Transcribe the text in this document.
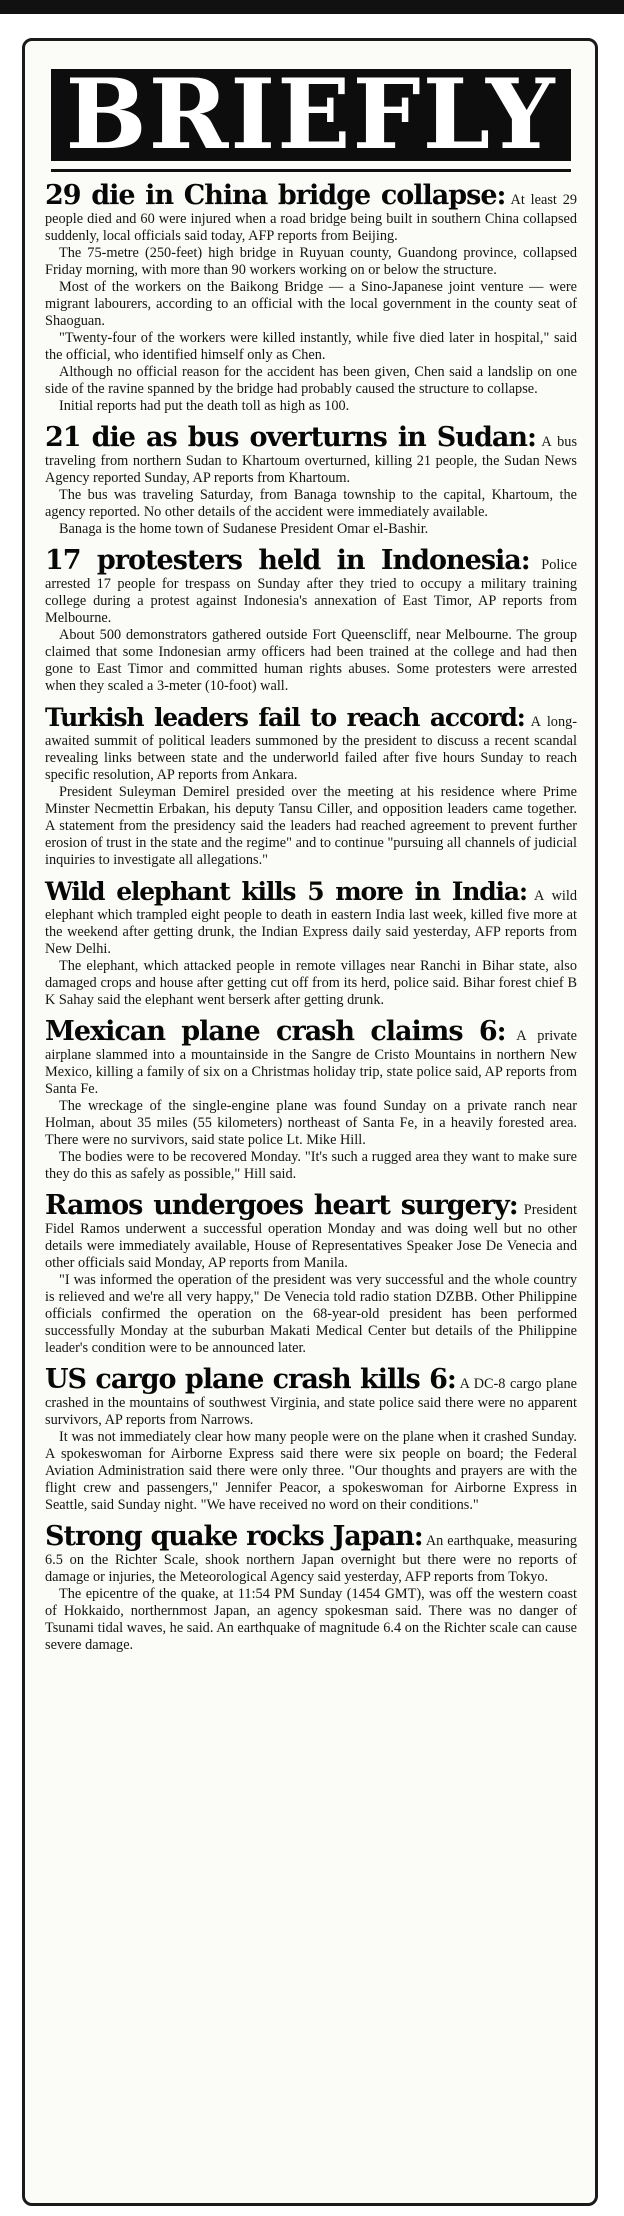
BRIEFLY

29 die in China bridge collapse: At least 29 people died and 60 were injured when a road bridge being built in southern China collapsed suddenly, local officials said today, AFP reports from Beijing.

The 75-metre (250-feet) high bridge in Ruyuan county, Guandong province, collapsed Friday morning, with more than 90 workers working on or below the structure.

Most of the workers on the Baikong Bridge — a Sino-Japanese joint venture — were migrant labourers, according to an official with the local government in the county seat of Shaoguan.

"Twenty-four of the workers were killed instantly, while five died later in hospital," said the official, who identified himself only as Chen.

Although no official reason for the accident has been given, Chen said a landslip on one side of the ravine spanned by the bridge had probably caused the structure to collapse.

Initial reports had put the death toll as high as 100.

21 die as bus overturns in Sudan: A bus traveling from northern Sudan to Khartoum overturned, killing 21 people, the Sudan News Agency reported Sunday, AP reports from Khartoum.

The bus was traveling Saturday, from Banaga township to the capital, Khartoum, the agency reported. No other details of the accident were immediately available.

Banaga is the home town of Sudanese President Omar el-Bashir.

17 protesters held in Indonesia: Police arrested 17 people for trespass on Sunday after they tried to occupy a military training college during a protest against Indonesia's annexation of East Timor, AP reports from Melbourne.

About 500 demonstrators gathered outside Fort Queenscliff, near Melbourne. The group claimed that some Indonesian army officers had been trained at the college and had then gone to East Timor and committed human rights abuses. Some protesters were arrested when they scaled a 3-meter (10-foot) wall.

Turkish leaders fail to reach accord: A long-awaited summit of political leaders summoned by the president to discuss a recent scandal revealing links between state and the underworld failed after five hours Sunday to reach specific resolution, AP reports from Ankara.

President Suleyman Demirel presided over the meeting at his residence where Prime Minster Necmettin Erbakan, his deputy Tansu Ciller, and opposition leaders came together. A statement from the presidency said the leaders had reached agreement to prevent further erosion of trust in the state and the regime" and to continue "pursuing all channels of judicial inquiries to investigate all allegations."

Wild elephant kills 5 more in India: A wild elephant which trampled eight people to death in eastern India last week, killed five more at the weekend after getting drunk, the Indian Express daily said yesterday, AFP reports from New Delhi.

The elephant, which attacked people in remote villages near Ranchi in Bihar state, also damaged crops and house after getting cut off from its herd, police said. Bihar forest chief B K Sahay said the elephant went berserk after getting drunk.

Mexican plane crash claims 6: A private airplane slammed into a mountainside in the Sangre de Cristo Mountains in northern New Mexico, killing a family of six on a Christmas holiday trip, state police said, AP reports from Santa Fe.

The wreckage of the single-engine plane was found Sunday on a private ranch near Holman, about 35 miles (55 kilometers) northeast of Santa Fe, in a heavily forested area. There were no survivors, said state police Lt. Mike Hill.

The bodies were to be recovered Monday. "It's such a rugged area they want to make sure they do this as safely as possible," Hill said.

Ramos undergoes heart surgery: President Fidel Ramos underwent a successful operation Monday and was doing well but no other details were immediately available, House of Representatives Speaker Jose De Venecia and other officials said Monday, AP reports from Manila.

"I was informed the operation of the president was very successful and the whole country is relieved and we're all very happy," De Venecia told radio station DZBB. Other Philippine officials confirmed the operation on the 68-year-old president has been performed successfully Monday at the suburban Makati Medical Center but details of the Philippine leader's condition were to be announced later.

US cargo plane crash kills 6: A DC-8 cargo plane crashed in the mountains of southwest Virginia, and state police said there were no apparent survivors, AP reports from Narrows.

It was not immediately clear how many people were on the plane when it crashed Sunday. A spokeswoman for Airborne Express said there were six people on board; the Federal Aviation Administration said there were only three. "Our thoughts and prayers are with the flight crew and passengers," Jennifer Peacor, a spokeswoman for Airborne Express in Seattle, said Sunday night. "We have received no word on their conditions."

Strong quake rocks Japan: An earthquake, measuring 6.5 on the Richter Scale, shook northern Japan overnight but there were no reports of damage or injuries, the Meteorological Agency said yesterday, AFP reports from Tokyo.

The epicentre of the quake, at 11:54 PM Sunday (1454 GMT), was off the western coast of Hokkaido, northernmost Japan, an agency spokesman said. There was no danger of Tsunami tidal waves, he said. An earthquake of magnitude 6.4 on the Richter scale can cause severe damage.
